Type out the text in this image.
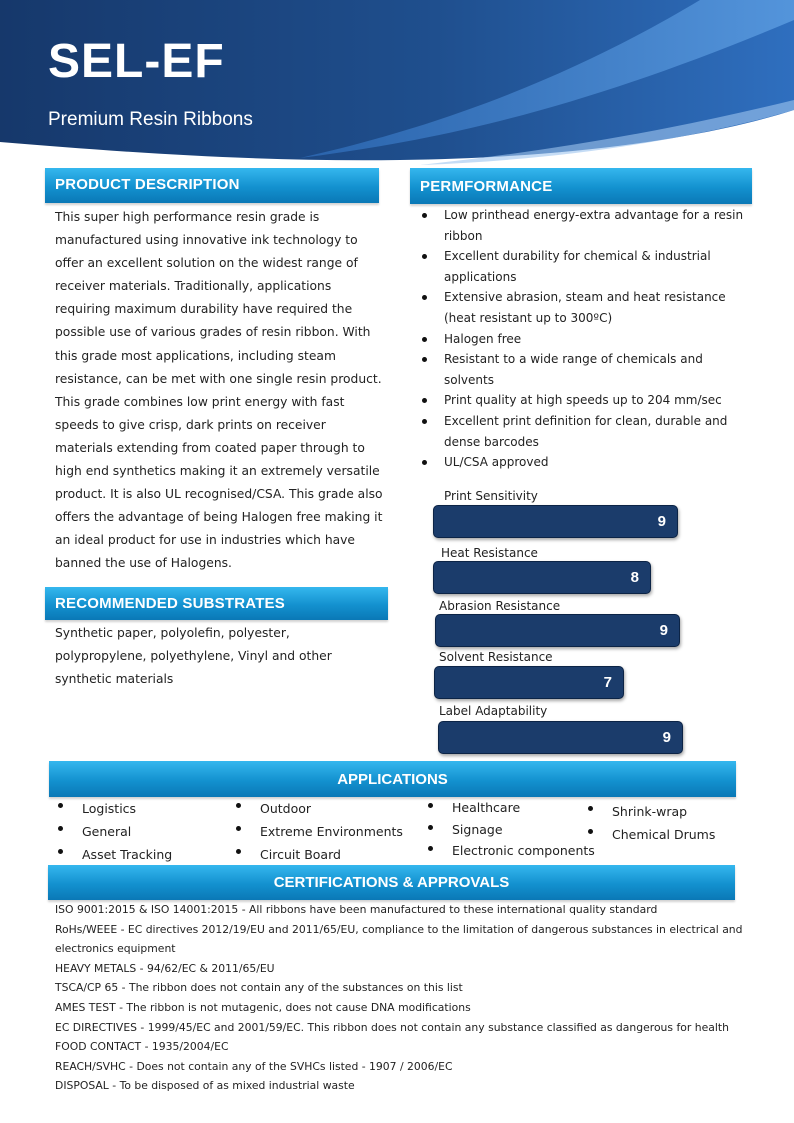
SEL-EF

Premium Resin Ribbons

PRODUCT DESCRIPTION

This super high performance resin grade is manufactured using innovative ink technology to offer an excellent solution on the widest range of receiver materials. Traditionally, applications requiring maximum durability have required the possible use of various grades of resin ribbon. With this grade most applications, including steam resistance, can be met with one single resin product. This grade combines low print energy with fast speeds to give crisp, dark prints on receiver materials extending from coated paper through to high end synthetics making it an extremely versatile product. It is also UL recognised/CSA. This grade also offers the advantage of being Halogen free making it an ideal product for use in industries which have banned the use of Halogens.

RECOMMENDED SUBSTRATES

Synthetic paper, polyolefin, polyester, polypropylene, polyethylene, Vinyl and other synthetic materials

PERMFORMANCE
Low printhead energy-extra advantage for a resin ribbon
Excellent durability for chemical & industrial applications
Extensive abrasion, steam and heat resistance (heat resistant up to 300ºC)
Halogen free
Resistant to a wide range of chemicals and solvents
Print quality at high speeds up to 204 mm/sec
Excellent print definition for clean, durable and dense barcodes
UL/CSA approved
Print Sensitivity
9
Heat Resistance
8
Abrasion Resistance
9
Solvent Resistance
7
Label Adaptability
9
APPLICATIONS
Logistics
General
Asset Tracking
Outdoor
Extreme Environments
Circuit Board
Healthcare
Signage
Electronic components
Shrink-wrap
Chemical Drums
CERTIFICATIONS & APPROVALS
ISO 9001:2015 & ISO 14001:2015 - All ribbons have been manufactured to these international quality standard
RoHs/WEEE - EC directives 2012/19/EU and 2011/65/EU, compliance to the limitation of dangerous substances in electrical and electronics equipment
HEAVY METALS - 94/62/EC & 2011/65/EU
TSCA/CP 65 - The ribbon does not contain any of the substances on this list
AMES TEST - The ribbon is not mutagenic, does not cause DNA modifications
EC DIRECTIVES - 1999/45/EC and 2001/59/EC. This ribbon does not contain any substance classified as dangerous for health
FOOD CONTACT - 1935/2004/EC
REACH/SVHC - Does not contain any of the SVHCs listed - 1907 / 2006/EC
DISPOSAL - To be disposed of as mixed industrial waste
